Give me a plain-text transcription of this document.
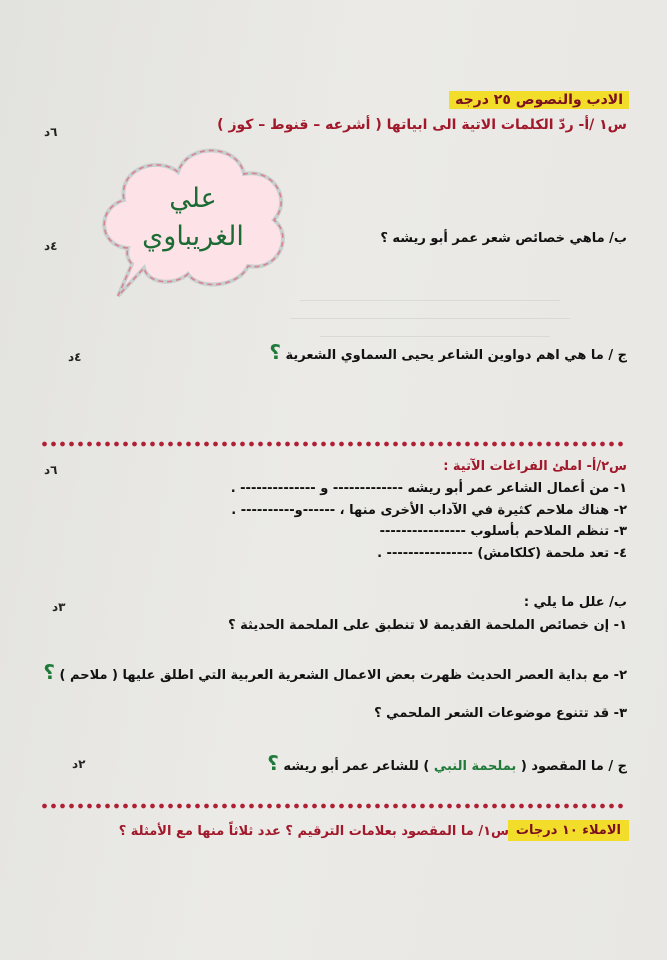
الادب والنصوص ٢٥ درجه
س١ /أ- ردّ الكلمات الاتية الى ابياتها ( أشرعه – قنوط – كوز )
٦د
علي
الغريباوي	ب/ ماهي خصائص شعر عمر أبو ريشه ؟
٤د
ج / ما هي اهم دواوين الشاعر يحيى السماوي الشعرية ؟
٤د
س٢/أ- املئ الفراغات الآتية :
٦د
١- من أعمال الشاعر عمر أبو ريشه ------------- و -------------- .
٢- هناك ملاحم كثيرة في الآداب الأخرى منها ، ------و---------- .
٣- تنظم الملاحم بأسلوب ----------------
٤- تعد ملحمة (كلكامش) ---------------- .
ب/ علل ما يلي :
٣د
١- إن خصائص الملحمة القديمة لا تنطبق على الملحمة الحديثة ؟
٢- مع بداية العصر الحديث ظهرت بعض الاعمال الشعرية العربية التي اطلق عليها ( ملاحم ) ؟
٣- قد تتنوع موضوعات الشعر الملحمي ؟
ج / ما المقصود ( بملحمة النبي ) للشاعر عمر أبو ريشه ؟
٢د
الاملاء ١٠ درجات
س١/ ما المقصود بعلامات الترقيم ؟ عدد ثلاثاً منها مع الأمثلة ؟
